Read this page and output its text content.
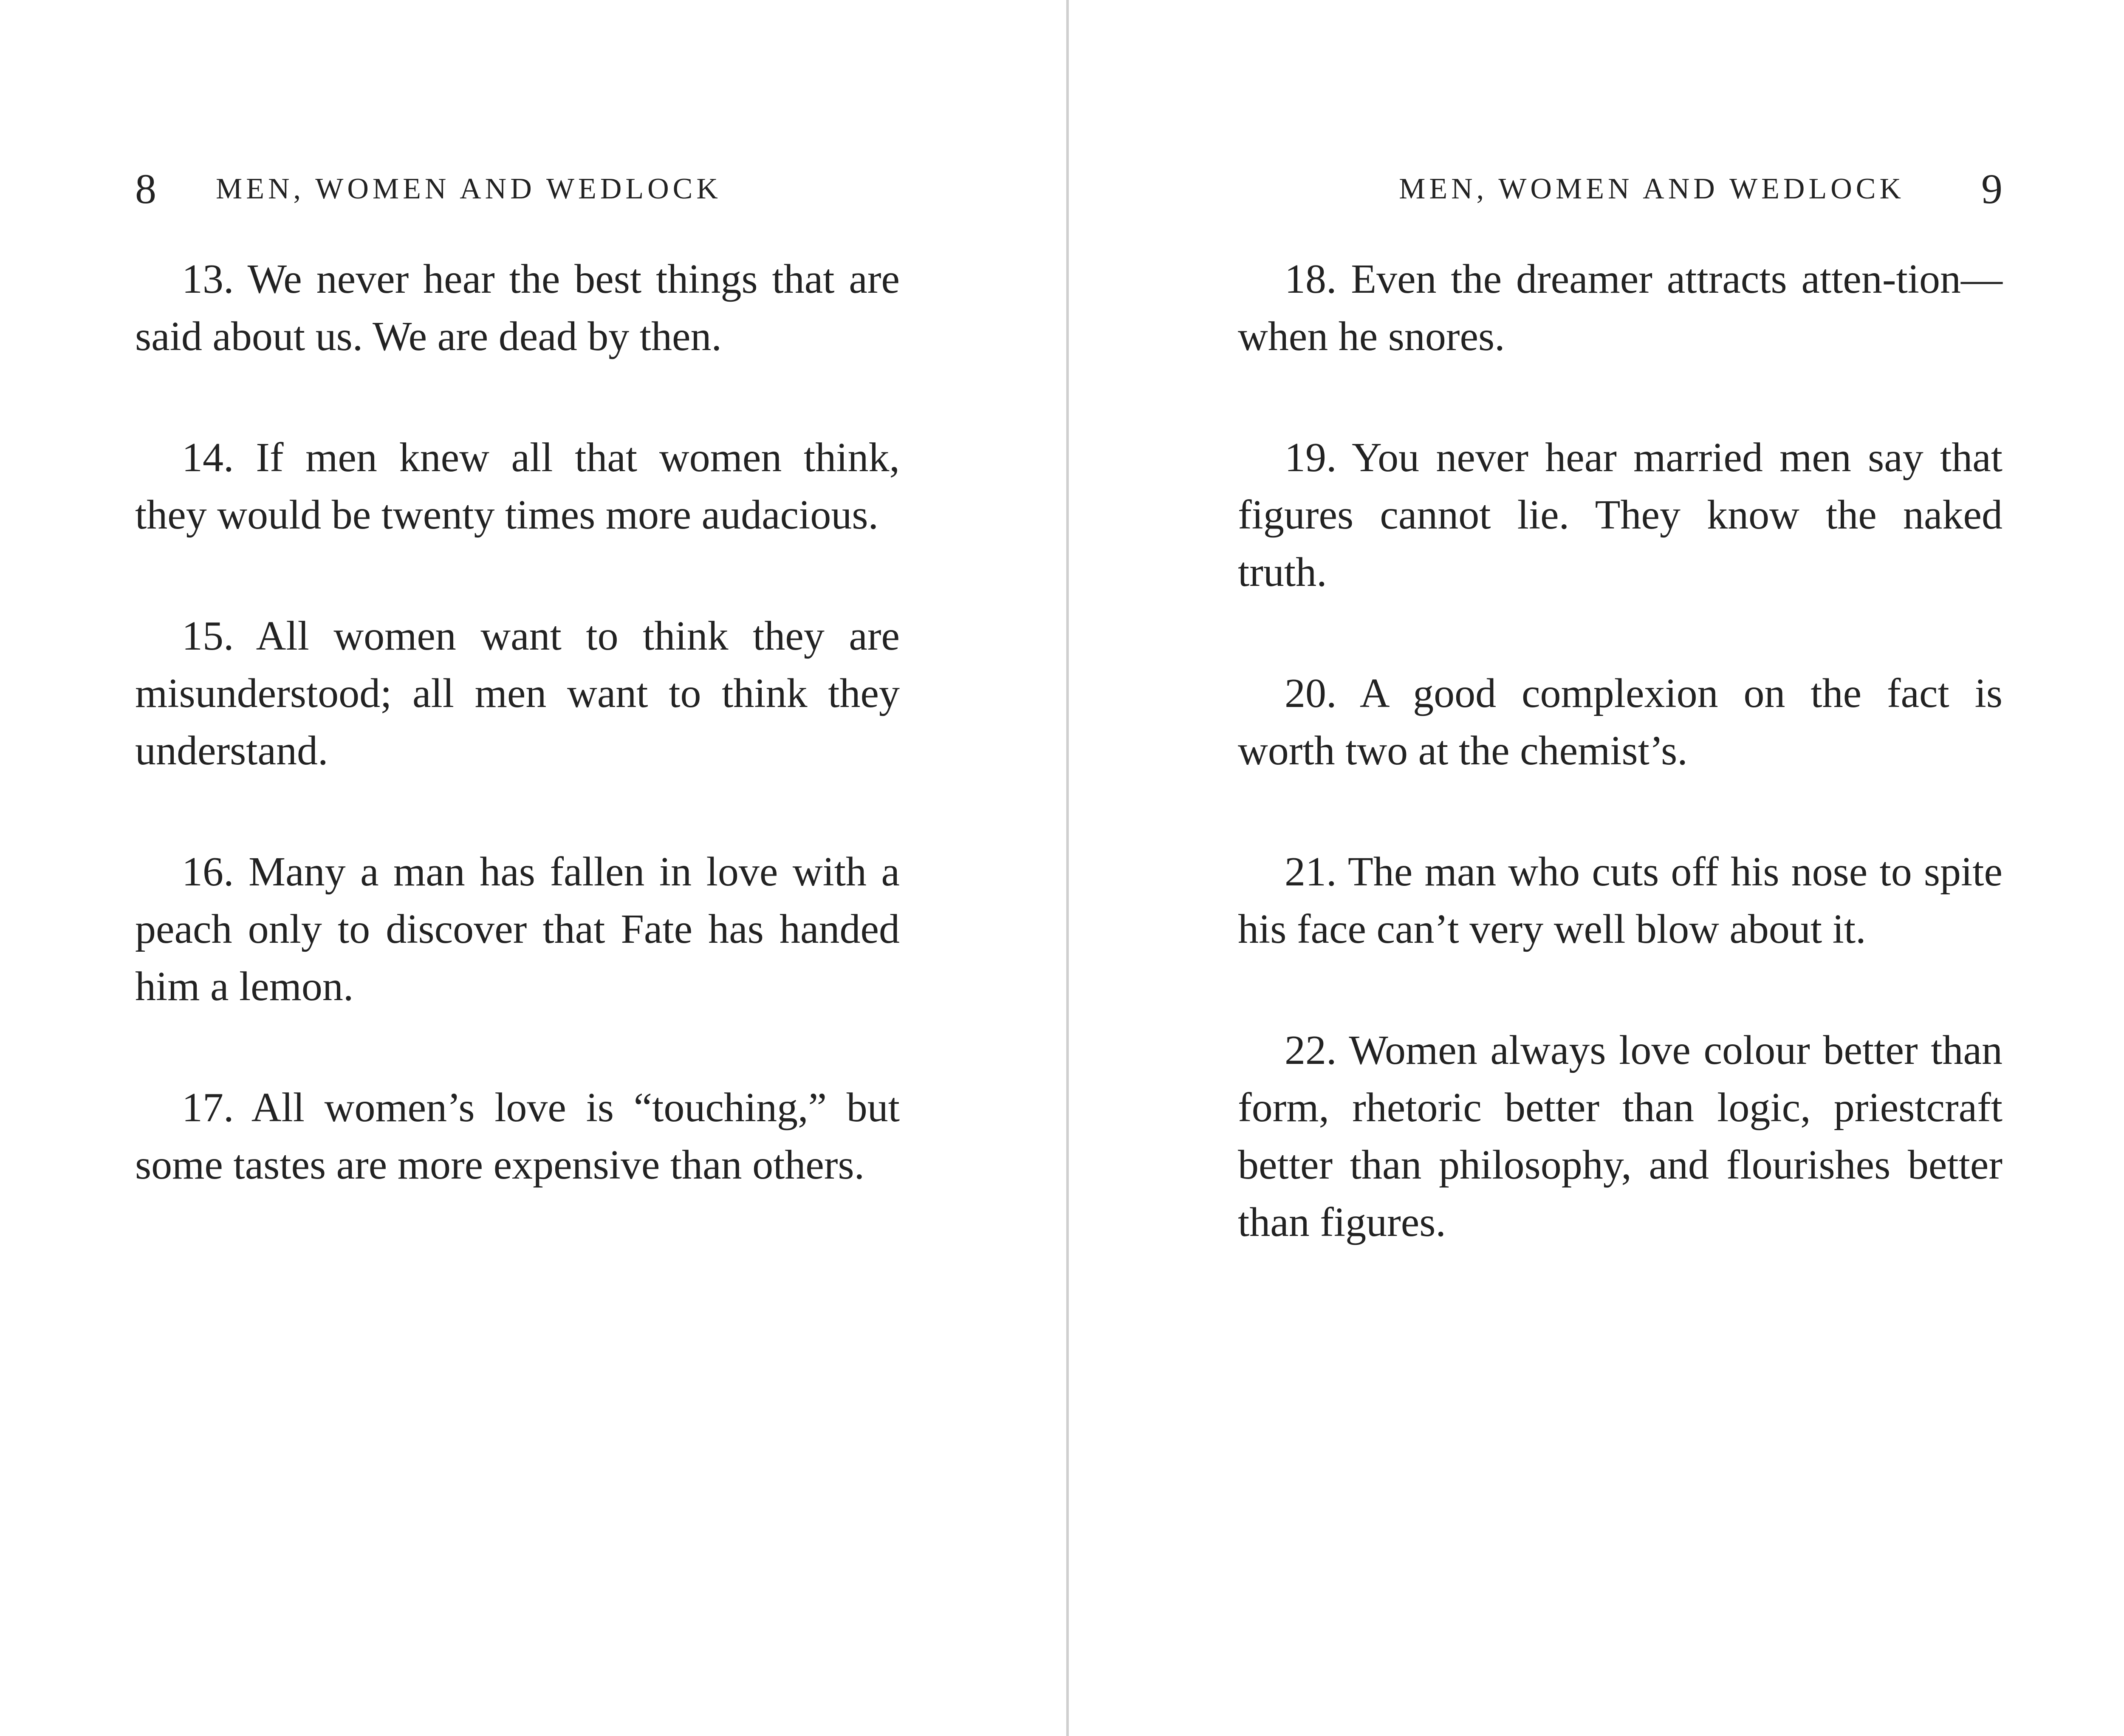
8 MEN, WOMEN AND WEDLOCK

13. We never hear the best things that are said about us. We are dead by then.

14. If men knew all that women think, they would be twenty times more audacious.

15. All women want to think they are misunderstood; all men want to think they understand.

16. Many a man has fallen in love with a peach only to discover that Fate has handed him a lemon.

17. All women’s love is “touching,” but some tastes are more expensive than others.

MEN, WOMEN AND WEDLOCK 9

18. Even the dreamer attracts atten-tion—when he snores.

19. You never hear married men say that figures cannot lie. They know the naked truth.

20. A good complexion on the fact is worth two at the chemist’s.

21. The man who cuts off his nose to spite his face can’t very well blow about it.

22. Women always love colour better than form, rhetoric better than logic, priestcraft better than philosophy, and flourishes better than figures.
